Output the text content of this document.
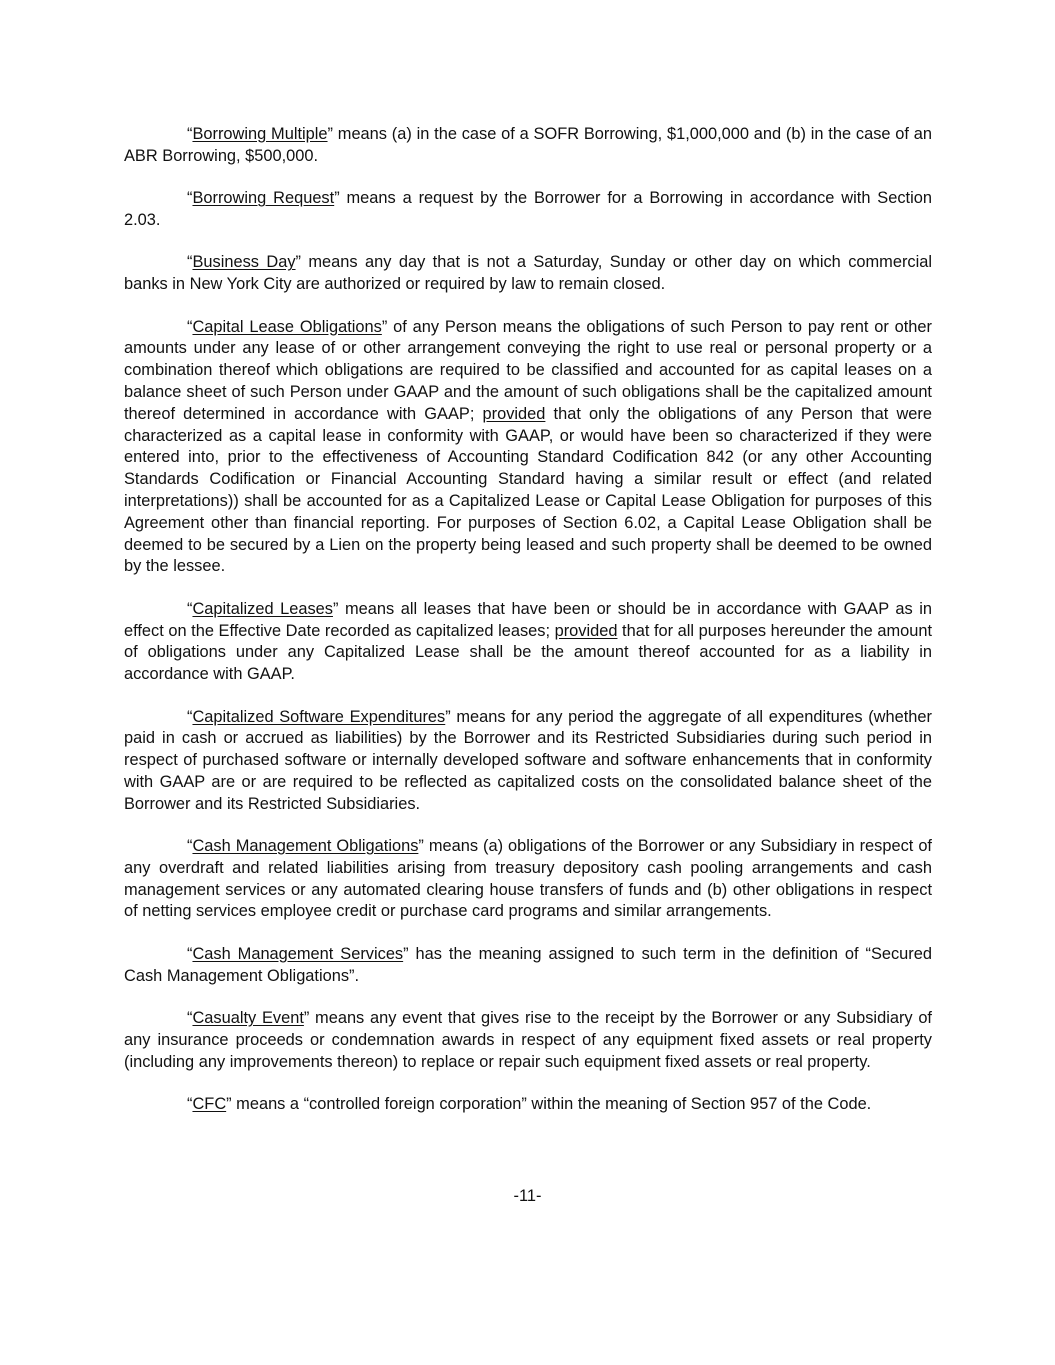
“Borrowing Multiple” means (a) in the case of a SOFR Borrowing, $1,000,000 and (b) in the case of an ABR Borrowing, $500,000.

“Borrowing Request” means a request by the Borrower for a Borrowing in accordance with Section 2.03.

“Business Day” means any day that is not a Saturday, Sunday or other day on which commercial banks in New York City are authorized or required by law to remain closed.

“Capital Lease Obligations” of any Person means the obligations of such Person to pay rent or other amounts under any lease of or other arrangement conveying the right to use real or personal property or a combination thereof which obligations are required to be classified and accounted for as capital leases on a balance sheet of such Person under GAAP and the amount of such obligations shall be the capitalized amount thereof determined in accordance with GAAP; provided that only the obligations of any Person that were characterized as a capital lease in conformity with GAAP, or would have been so characterized if they were entered into, prior to the effectiveness of Accounting Standard Codification 842 (or any other Accounting Standards Codification or Financial Accounting Standard having a similar result or effect (and related interpretations)) shall be accounted for as a Capitalized Lease or Capital Lease Obligation for purposes of this Agreement other than financial reporting. For purposes of Section 6.02, a Capital Lease Obligation shall be deemed to be secured by a Lien on the property being leased and such property shall be deemed to be owned by the lessee.

“Capitalized Leases” means all leases that have been or should be in accordance with GAAP as in effect on the Effective Date recorded as capitalized leases; provided that for all purposes hereunder the amount of obligations under any Capitalized Lease shall be the amount thereof accounted for as a liability in accordance with GAAP.

“Capitalized Software Expenditures” means for any period the aggregate of all expenditures (whether paid in cash or accrued as liabilities) by the Borrower and its Restricted Subsidiaries during such period in respect of purchased software or internally developed software and software enhancements that in conformity with GAAP are or are required to be reflected as capitalized costs on the consolidated balance sheet of the Borrower and its Restricted Subsidiaries.

“Cash Management Obligations” means (a) obligations of the Borrower or any Subsidiary in respect of any overdraft and related liabilities arising from treasury depository cash pooling arrangements and cash management services or any automated clearing house transfers of funds and (b) other obligations in respect of netting services employee credit or purchase card programs and similar arrangements.

“Cash Management Services” has the meaning assigned to such term in the definition of “Secured Cash Management Obligations”.

“Casualty Event” means any event that gives rise to the receipt by the Borrower or any Subsidiary of any insurance proceeds or condemnation awards in respect of any equipment fixed assets or real property (including any improvements thereon) to replace or repair such equipment fixed assets or real property.

“CFC” means a “controlled foreign corporation” within the meaning of Section 957 of the Code.

-11-
